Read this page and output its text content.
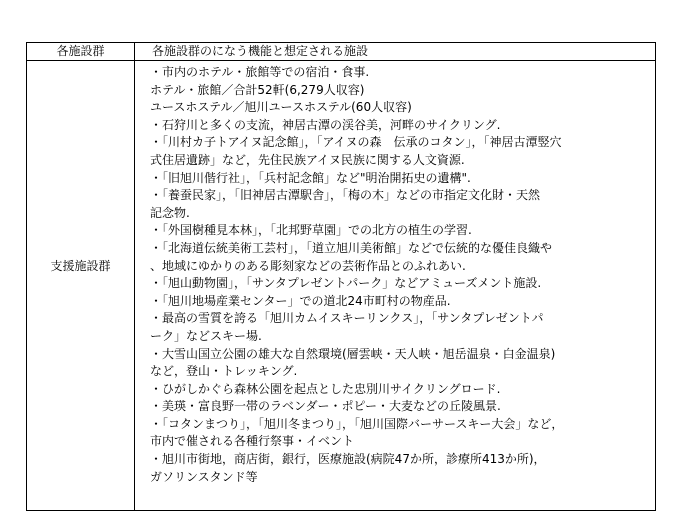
各施設群	各施設群のになう機能と想定される施設
支援施設群
・市内のホテル・旅館等での宿泊・食事.
ホテル・旅館／合計52軒(6,279人収容)
ユースホステル／旭川ユースホステル(60人収容)
・石狩川と多くの支流，神居古潭の渓谷美，河畔のサイクリング.
・「川村カ子トアイヌ記念館」，「アイヌの森　伝承のコタン」，「神居古潭竪穴
式住居遺跡」など，先住民族アイヌ民族に関する人文資源.
・「旧旭川偕行社」，「兵村記念館」など"明治開拓史の遺構".
・「養蚕民家」，「旧神居古潭駅舎」，「梅の木」などの市指定文化財・天然
記念物.
・「外国樹種見本林」，「北邦野草園」での北方の植生の学習.
・「北海道伝統美術工芸村」，「道立旭川美術館」などで伝統的な優佳良織や
、地域にゆかりのある彫刻家などの芸術作品とのふれあい.
・「旭山動物園」，「サンタプレゼントパーク」などアミューズメント施設.
・「旭川地場産業センター」での道北24市町村の物産品.
・最高の雪質を誇る「旭川カムイスキーリンクス」，「サンタプレゼントパ
ーク」などスキー場.
・大雪山国立公園の雄大な自然環境(層雲峡・天人峡・旭岳温泉・白金温泉)
など，登山・トレッキング.
・ひがしかぐら森林公園を起点とした忠別川サイクリングロード.
・美瑛・富良野一帯のラベンダー・ポピー・大麦などの丘陵風景.
・「コタンまつり」，「旭川冬まつり」，「旭川国際バーサースキー大会」など，
市内で催される各種行祭事・イベント
・旭川市街地，商店街，銀行，医療施設(病院47か所，診療所413か所)，
ガソリンスタンド等
